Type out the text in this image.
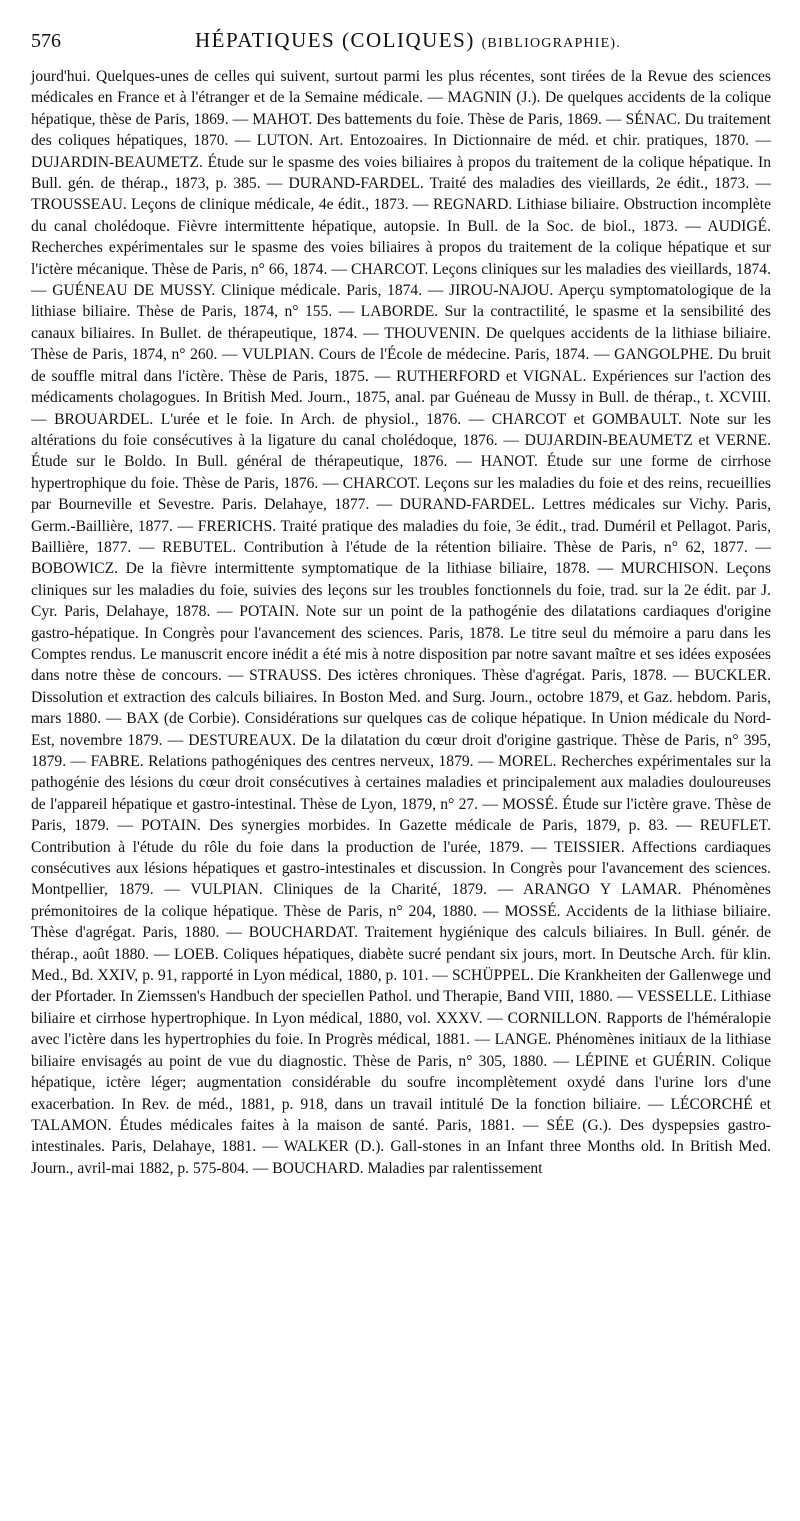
576	HÉPATIQUES (COLIQUES) (BIBLIOGRAPHIE).

jourd'hui. Quelques-unes de celles qui suivent, surtout parmi les plus récentes, sont tirées de la Revue des sciences médicales en France et à l'étranger et de la Semaine médicale. — MAGNIN (J.). De quelques accidents de la colique hépatique, thèse de Paris, 1869. — MAHOT. Des battements du foie. Thèse de Paris, 1869. — SÉNAC. Du traitement des coliques hépatiques, 1870. — LUTON. Art. Entozoaires. In Dictionnaire de méd. et chir. pratiques, 1870. — DUJARDIN-BEAUMETZ. Étude sur le spasme des voies biliaires à propos du traitement de la colique hépatique. In Bull. gén. de thérap., 1873, p. 385. — DURAND-FARDEL. Traité des maladies des vieillards, 2e édit., 1873. — TROUSSEAU. Leçons de clinique médicale, 4e édit., 1873. — REGNARD. Lithiase biliaire. Obstruction incomplète du canal cholédoque. Fièvre intermittente hépatique, autopsie. In Bull. de la Soc. de biol., 1873. — AUDIGÉ. Recherches expérimentales sur le spasme des voies biliaires à propos du traitement de la colique hépatique et sur l'ictère mécanique. Thèse de Paris, n° 66, 1874. — CHARCOT. Leçons cliniques sur les maladies des vieillards, 1874. — GUÉNEAU DE MUSSY. Clinique médicale. Paris, 1874. — JIROU-NAJOU. Aperçu symptomatologique de la lithiase biliaire. Thèse de Paris, 1874, n° 155. — LABORDE. Sur la contractilité, le spasme et la sensibilité des canaux biliaires. In Bullet. de thérapeutique, 1874. — THOUVENIN. De quelques accidents de la lithiase biliaire. Thèse de Paris, 1874, n° 260. — VULPIAN. Cours de l'École de médecine. Paris, 1874. — GANGOLPHE. Du bruit de souffle mitral dans l'ictère. Thèse de Paris, 1875. — RUTHERFORD et VIGNAL. Expériences sur l'action des médicaments cholagogues. In British Med. Journ., 1875, anal. par Guéneau de Mussy in Bull. de thérap., t. XCVIII. — BROUARDEL. L'urée et le foie. In Arch. de physiol., 1876. — CHARCOT et GOMBAULT. Note sur les altérations du foie consécutives à la ligature du canal cholédoque, 1876. — DUJARDIN-BEAUMETZ et VERNE. Étude sur le Boldo. In Bull. général de thérapeutique, 1876. — HANOT. Étude sur une forme de cirrhose hypertrophique du foie. Thèse de Paris, 1876. — CHARCOT. Leçons sur les maladies du foie et des reins, recueillies par Bourneville et Sevestre. Paris. Delahaye, 1877. — DURAND-FARDEL. Lettres médicales sur Vichy. Paris, Germ.-Baillière, 1877. — FRERICHS. Traité pratique des maladies du foie, 3e édit., trad. Duméril et Pellagot. Paris, Baillière, 1877. — REBUTEL. Contribution à l'étude de la rétention biliaire. Thèse de Paris, n° 62, 1877. — BOBOWICZ. De la fièvre intermittente symptomatique de la lithiase biliaire, 1878. — MURCHISON. Leçons cliniques sur les maladies du foie, suivies des leçons sur les troubles fonctionnels du foie, trad. sur la 2e édit. par J. Cyr. Paris, Delahaye, 1878. — POTAIN. Note sur un point de la pathogénie des dilatations cardiaques d'origine gastro-hépatique. In Congrès pour l'avancement des sciences. Paris, 1878. Le titre seul du mémoire a paru dans les Comptes rendus. Le manuscrit encore inédit a été mis à notre disposition par notre savant maître et ses idées exposées dans notre thèse de concours. — STRAUSS. Des ictères chroniques. Thèse d'agrégat. Paris, 1878. — BUCKLER. Dissolution et extraction des calculs biliaires. In Boston Med. and Surg. Journ., octobre 1879, et Gaz. hebdom. Paris, mars 1880. — BAX (de Corbie). Considérations sur quelques cas de colique hépatique. In Union médicale du Nord-Est, novembre 1879. — DESTUREAUX. De la dilatation du cœur droit d'origine gastrique. Thèse de Paris, n° 395, 1879. — FABRE. Relations pathogéniques des centres nerveux, 1879. — MOREL. Recherches expérimentales sur la pathogénie des lésions du cœur droit consécutives à certaines maladies et principalement aux maladies douloureuses de l'appareil hépatique et gastro-intestinal. Thèse de Lyon, 1879, n° 27. — MOSSÉ. Étude sur l'ictère grave. Thèse de Paris, 1879. — POTAIN. Des synergies morbides. In Gazette médicale de Paris, 1879, p. 83. — REUFLET. Contribution à l'étude du rôle du foie dans la production de l'urée, 1879. — TEISSIER. Affections cardiaques consécutives aux lésions hépatiques et gastro-intestinales et discussion. In Congrès pour l'avancement des sciences. Montpellier, 1879. — VULPIAN. Cliniques de la Charité, 1879. — ARANGO Y LAMAR. Phénomènes prémonitoires de la colique hépatique. Thèse de Paris, n° 204, 1880. — MOSSÉ. Accidents de la lithiase biliaire. Thèse d'agrégat. Paris, 1880. — BOUCHARDAT. Traitement hygiénique des calculs biliaires. In Bull. génér. de thérap., août 1880. — LOEB. Coliques hépatiques, diabète sucré pendant six jours, mort. In Deutsche Arch. für klin. Med., Bd. XXIV, p. 91, rapporté in Lyon médical, 1880, p. 101. — SCHÜPPEL. Die Krankheiten der Gallenwege und der Pfortader. In Ziemssen's Handbuch der speciellen Pathol. und Therapie, Band VIII, 1880. — VESSELLE. Lithiase biliaire et cirrhose hypertrophique. In Lyon médical, 1880, vol. XXXV. — CORNILLON. Rapports de l'héméralopie avec l'ictère dans les hypertrophies du foie. In Progrès médical, 1881. — LANGE. Phénomènes initiaux de la lithiase biliaire envisagés au point de vue du diagnostic. Thèse de Paris, n° 305, 1880. — LÉPINE et GUÉRIN. Colique hépatique, ictère léger; augmentation considérable du soufre incomplètement oxydé dans l'urine lors d'une exacerbation. In Rev. de méd., 1881, p. 918, dans un travail intitulé De la fonction biliaire. — LÉCORCHÉ et TALAMON. Études médicales faites à la maison de santé. Paris, 1881. — SÉE (G.). Des dyspepsies gastro-intestinales. Paris, Delahaye, 1881. — WALKER (D.). Gall-stones in an Infant three Months old. In British Med. Journ., avril-mai 1882, p. 575-804. — BOUCHARD. Maladies par ralentissement
